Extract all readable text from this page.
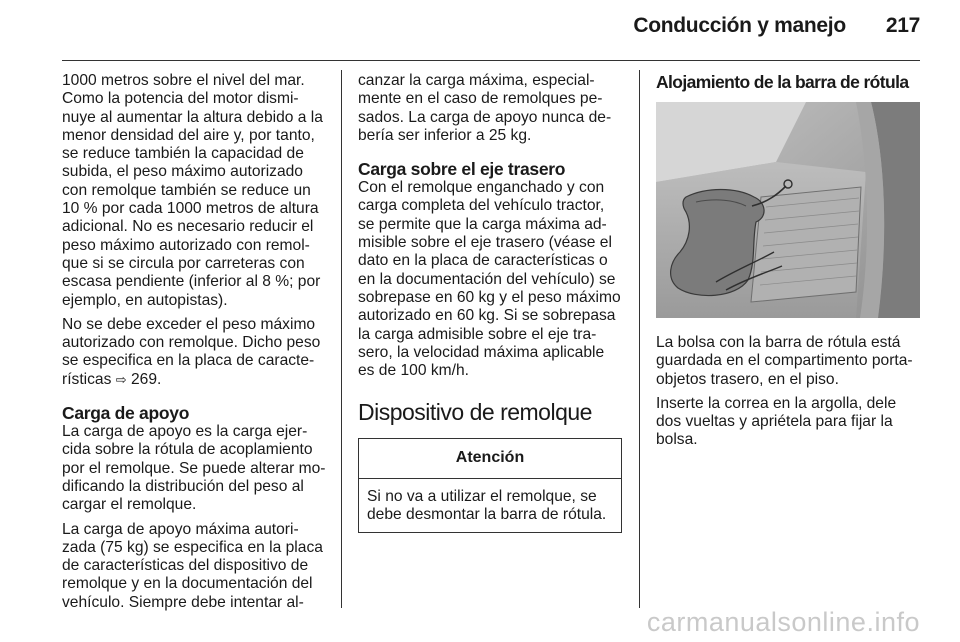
Conducción y manejo 217

1000 metros sobre el nivel del mar. Como la potencia del motor dismi-nuye al aumentar la altura debido a la menor densidad del aire y, por tanto, se reduce también la capacidad de subida, el peso máximo autorizado con remolque también se reduce un 10 % por cada 1000 metros de altura adicional. No es necesario reducir el peso máximo autorizado con remol-que si se circula por carreteras con escasa pendiente (inferior al 8 %; por ejemplo, en autopistas).

No se debe exceder el peso máximo autorizado con remolque. Dicho peso se especifica en la placa de caracte-rísticas ⇨ 269.

Carga de apoyo

La carga de apoyo es la carga ejer-cida sobre la rótula de acoplamiento por el remolque. Se puede alterar mo-dificando la distribución del peso al cargar el remolque.

La carga de apoyo máxima autori-zada (75 kg) se especifica en la placa de características del dispositivo de remolque y en la documentación del vehículo. Siempre debe intentar al-

canzar la carga máxima, especial-mente en el caso de remolques pe-sados. La carga de apoyo nunca de-bería ser inferior a 25 kg.

Carga sobre el eje trasero

Con el remolque enganchado y con carga completa del vehículo tractor, se permite que la carga máxima ad-misible sobre el eje trasero (véase el dato en la placa de características o en la documentación del vehículo) se sobrepase en 60 kg y el peso máximo autorizado en 60 kg. Si se sobrepasa la carga admisible sobre el eje tra-sero, la velocidad máxima aplicable es de 100 km/h.

Dispositivo de remolque
Atención
Si no va a utilizar el remolque, se debe desmontar la barra de rótula.
Alojamiento de la barra de rótula

La bolsa con la barra de rótula está guardada en el compartimento porta-objetos trasero, en el piso.

Inserte la correa en la argolla, dele dos vueltas y apriételа para fijar la bolsa.

carmanualsonline.info
